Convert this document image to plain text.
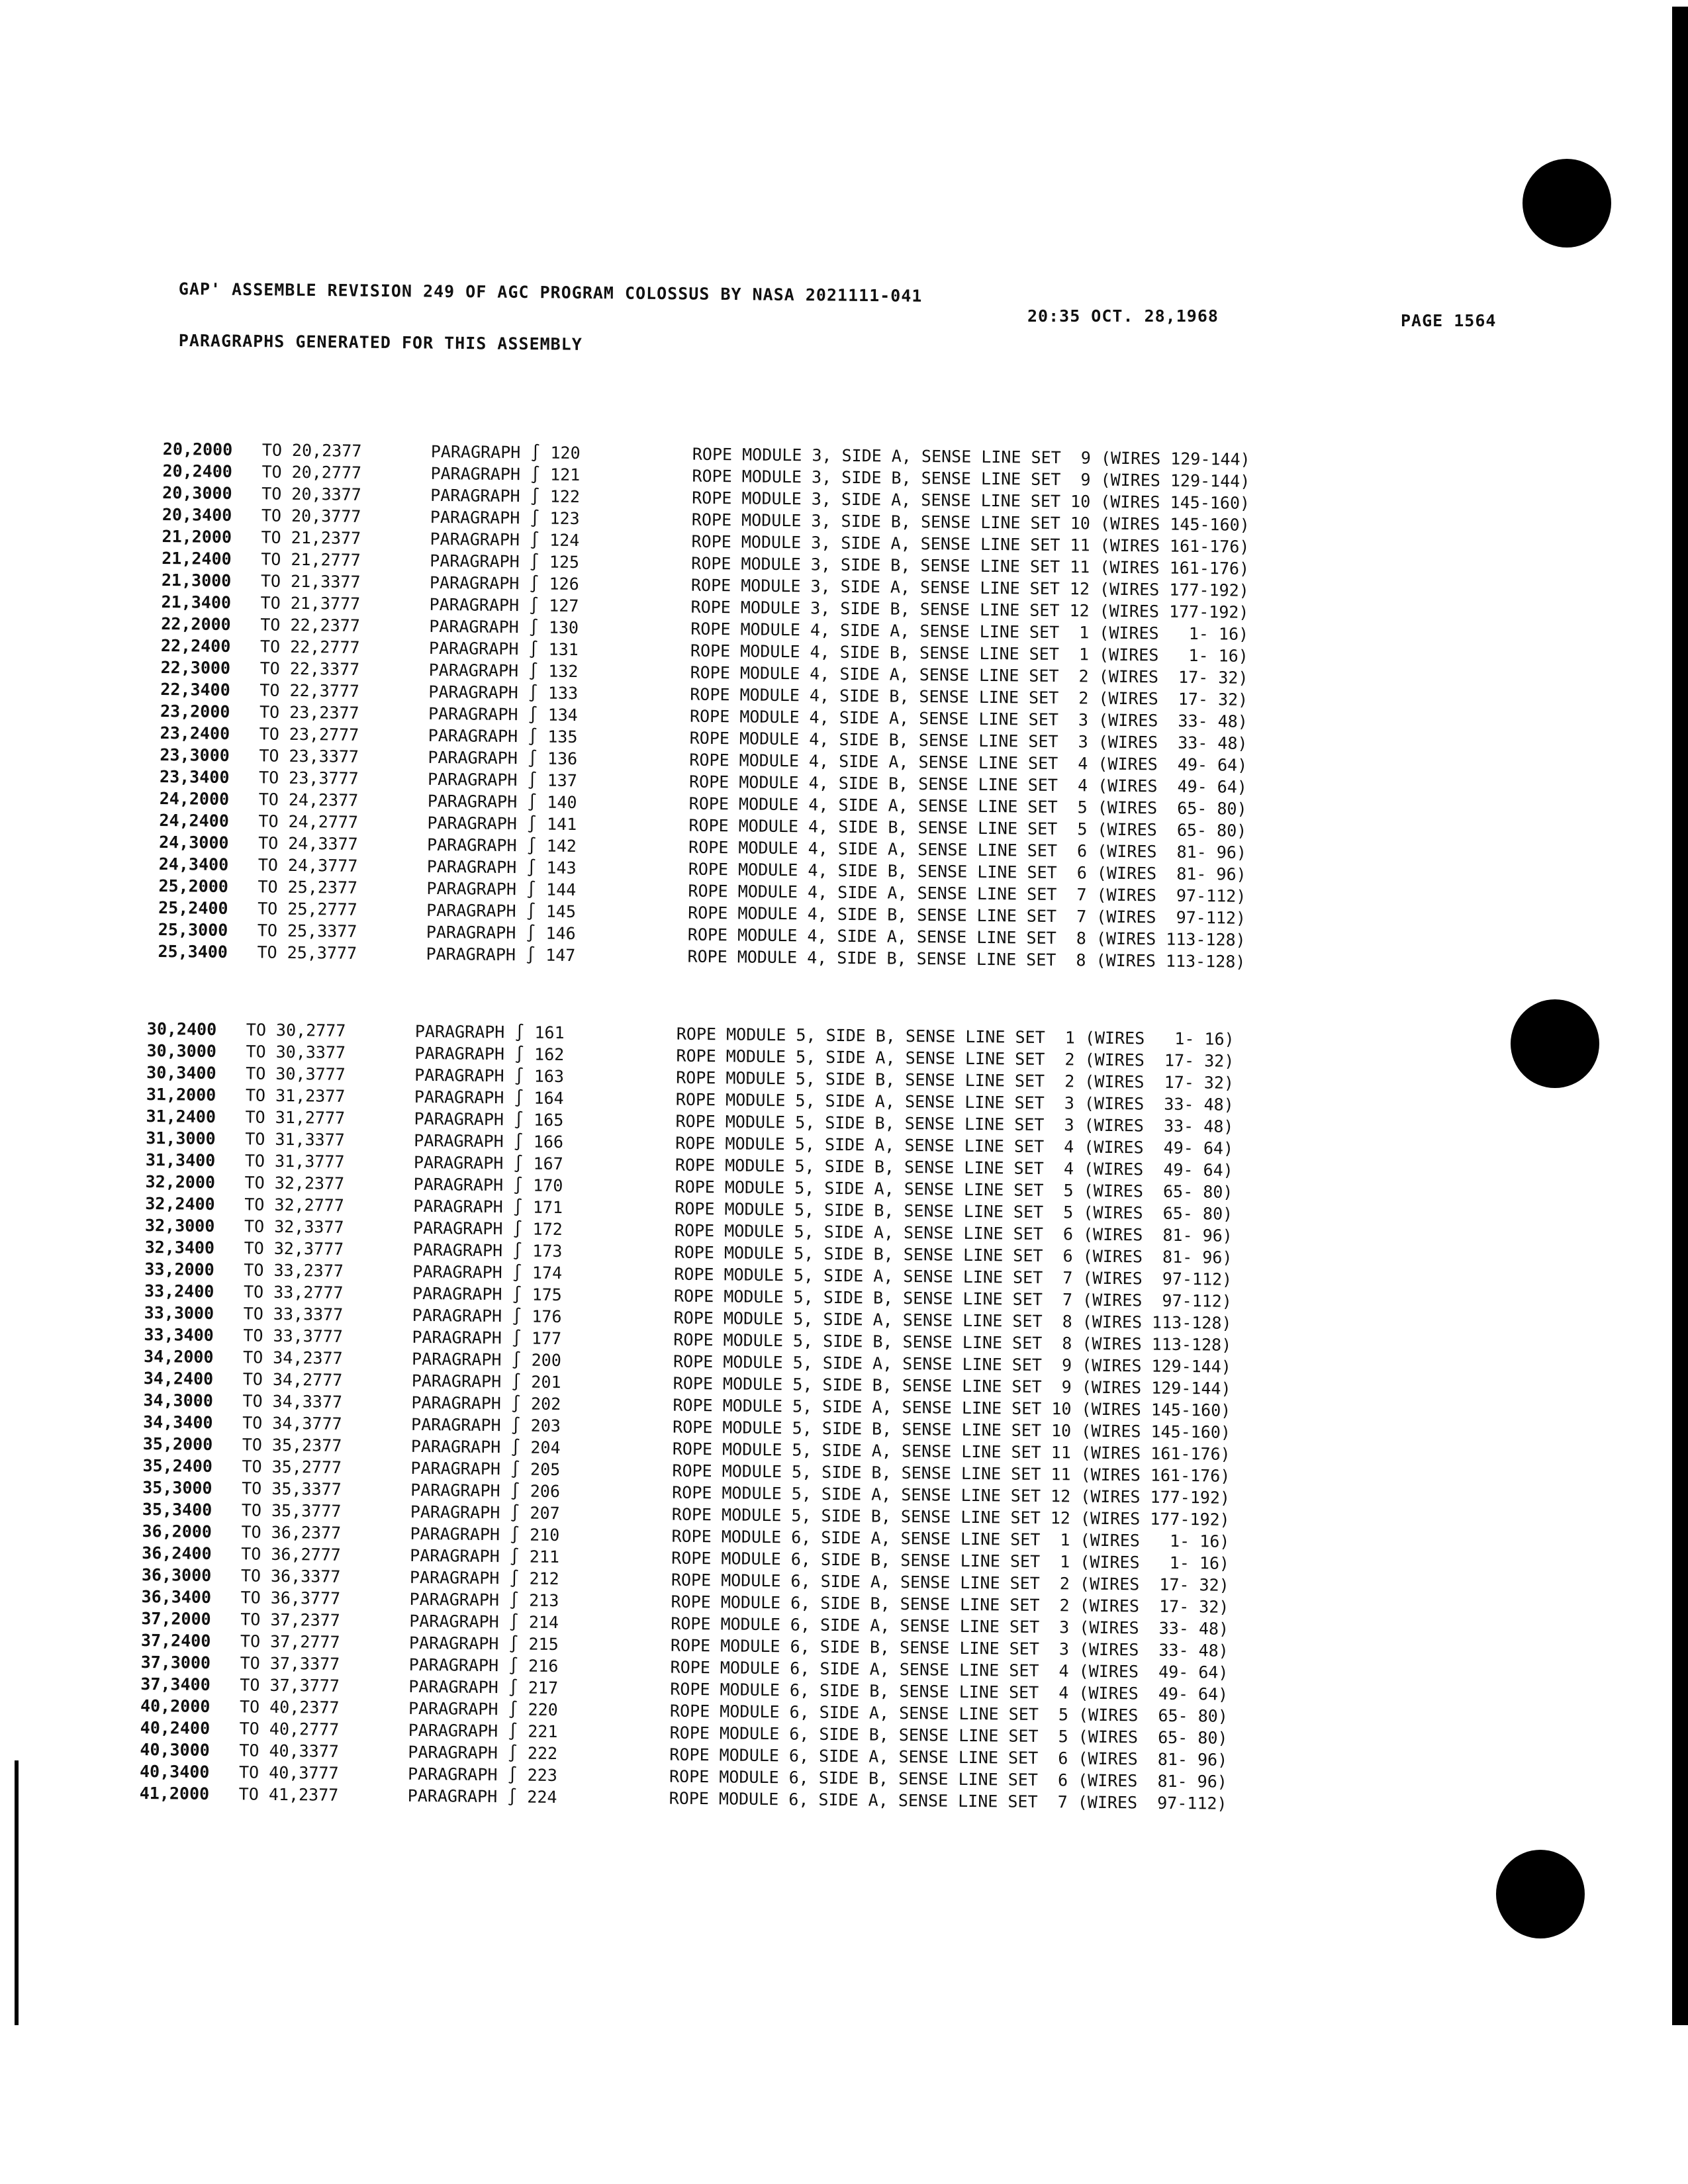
GAP' ASSEMBLE REVISION 249 OF AGC PROGRAM COLOSSUS BY NASA 2021111-041
20:35 OCT. 28,1968	PAGE 1564
PARAGRAPHS GENERATED FOR THIS ASSEMBLY
20,2000 TO 20,2377	PARAGRAPH ∫ 120	ROPE MODULE 3, SIDE A, SENSE LINE SET  9 (WIRES 129-144)
20,2400 TO 20,2777	PARAGRAPH ∫ 121	ROPE MODULE 3, SIDE B, SENSE LINE SET  9 (WIRES 129-144)
20,3000 TO 20,3377	PARAGRAPH ∫ 122	ROPE MODULE 3, SIDE A, SENSE LINE SET 10 (WIRES 145-160)
20,3400 TO 20,3777	PARAGRAPH ∫ 123	ROPE MODULE 3, SIDE B, SENSE LINE SET 10 (WIRES 145-160)
21,2000 TO 21,2377	PARAGRAPH ∫ 124	ROPE MODULE 3, SIDE A, SENSE LINE SET 11 (WIRES 161-176)
21,2400 TO 21,2777	PARAGRAPH ∫ 125	ROPE MODULE 3, SIDE B, SENSE LINE SET 11 (WIRES 161-176)
21,3000 TO 21,3377	PARAGRAPH ∫ 126	ROPE MODULE 3, SIDE A, SENSE LINE SET 12 (WIRES 177-192)
21,3400 TO 21,3777	PARAGRAPH ∫ 127	ROPE MODULE 3, SIDE B, SENSE LINE SET 12 (WIRES 177-192)
22,2000 TO 22,2377	PARAGRAPH ∫ 130	ROPE MODULE 4, SIDE A, SENSE LINE SET  1 (WIRES   1- 16)
22,2400 TO 22,2777	PARAGRAPH ∫ 131	ROPE MODULE 4, SIDE B, SENSE LINE SET  1 (WIRES   1- 16)
22,3000 TO 22,3377	PARAGRAPH ∫ 132	ROPE MODULE 4, SIDE A, SENSE LINE SET  2 (WIRES  17- 32)
22,3400 TO 22,3777	PARAGRAPH ∫ 133	ROPE MODULE 4, SIDE B, SENSE LINE SET  2 (WIRES  17- 32)
23,2000 TO 23,2377	PARAGRAPH ∫ 134	ROPE MODULE 4, SIDE A, SENSE LINE SET  3 (WIRES  33- 48)
23,2400 TO 23,2777	PARAGRAPH ∫ 135	ROPE MODULE 4, SIDE B, SENSE LINE SET  3 (WIRES  33- 48)
23,3000 TO 23,3377	PARAGRAPH ∫ 136	ROPE MODULE 4, SIDE A, SENSE LINE SET  4 (WIRES  49- 64)
23,3400 TO 23,3777	PARAGRAPH ∫ 137	ROPE MODULE 4, SIDE B, SENSE LINE SET  4 (WIRES  49- 64)
24,2000 TO 24,2377	PARAGRAPH ∫ 140	ROPE MODULE 4, SIDE A, SENSE LINE SET  5 (WIRES  65- 80)
24,2400 TO 24,2777	PARAGRAPH ∫ 141	ROPE MODULE 4, SIDE B, SENSE LINE SET  5 (WIRES  65- 80)
24,3000 TO 24,3377	PARAGRAPH ∫ 142	ROPE MODULE 4, SIDE A, SENSE LINE SET  6 (WIRES  81- 96)
24,3400 TO 24,3777	PARAGRAPH ∫ 143	ROPE MODULE 4, SIDE B, SENSE LINE SET  6 (WIRES  81- 96)
25,2000 TO 25,2377	PARAGRAPH ∫ 144	ROPE MODULE 4, SIDE A, SENSE LINE SET  7 (WIRES  97-112)
25,2400 TO 25,2777	PARAGRAPH ∫ 145	ROPE MODULE 4, SIDE B, SENSE LINE SET  7 (WIRES  97-112)
25,3000 TO 25,3377	PARAGRAPH ∫ 146	ROPE MODULE 4, SIDE A, SENSE LINE SET  8 (WIRES 113-128)
25,3400 TO 25,3777	PARAGRAPH ∫ 147	ROPE MODULE 4, SIDE B, SENSE LINE SET  8 (WIRES 113-128)
30,2400 TO 30,2777	PARAGRAPH ∫ 161	ROPE MODULE 5, SIDE B, SENSE LINE SET  1 (WIRES   1- 16)
30,3000 TO 30,3377	PARAGRAPH ∫ 162	ROPE MODULE 5, SIDE A, SENSE LINE SET  2 (WIRES  17- 32)
30,3400 TO 30,3777	PARAGRAPH ∫ 163	ROPE MODULE 5, SIDE B, SENSE LINE SET  2 (WIRES  17- 32)
31,2000 TO 31,2377	PARAGRAPH ∫ 164	ROPE MODULE 5, SIDE A, SENSE LINE SET  3 (WIRES  33- 48)
31,2400 TO 31,2777	PARAGRAPH ∫ 165	ROPE MODULE 5, SIDE B, SENSE LINE SET  3 (WIRES  33- 48)
31,3000 TO 31,3377	PARAGRAPH ∫ 166	ROPE MODULE 5, SIDE A, SENSE LINE SET  4 (WIRES  49- 64)
31,3400 TO 31,3777	PARAGRAPH ∫ 167	ROPE MODULE 5, SIDE B, SENSE LINE SET  4 (WIRES  49- 64)
32,2000 TO 32,2377	PARAGRAPH ∫ 170	ROPE MODULE 5, SIDE A, SENSE LINE SET  5 (WIRES  65- 80)
32,2400 TO 32,2777	PARAGRAPH ∫ 171	ROPE MODULE 5, SIDE B, SENSE LINE SET  5 (WIRES  65- 80)
32,3000 TO 32,3377	PARAGRAPH ∫ 172	ROPE MODULE 5, SIDE A, SENSE LINE SET  6 (WIRES  81- 96)
32,3400 TO 32,3777	PARAGRAPH ∫ 173	ROPE MODULE 5, SIDE B, SENSE LINE SET  6 (WIRES  81- 96)
33,2000 TO 33,2377	PARAGRAPH ∫ 174	ROPE MODULE 5, SIDE A, SENSE LINE SET  7 (WIRES  97-112)
33,2400 TO 33,2777	PARAGRAPH ∫ 175	ROPE MODULE 5, SIDE B, SENSE LINE SET  7 (WIRES  97-112)
33,3000 TO 33,3377	PARAGRAPH ∫ 176	ROPE MODULE 5, SIDE A, SENSE LINE SET  8 (WIRES 113-128)
33,3400 TO 33,3777	PARAGRAPH ∫ 177	ROPE MODULE 5, SIDE B, SENSE LINE SET  8 (WIRES 113-128)
34,2000 TO 34,2377	PARAGRAPH ∫ 200	ROPE MODULE 5, SIDE A, SENSE LINE SET  9 (WIRES 129-144)
34,2400 TO 34,2777	PARAGRAPH ∫ 201	ROPE MODULE 5, SIDE B, SENSE LINE SET  9 (WIRES 129-144)
34,3000 TO 34,3377	PARAGRAPH ∫ 202	ROPE MODULE 5, SIDE A, SENSE LINE SET 10 (WIRES 145-160)
34,3400 TO 34,3777	PARAGRAPH ∫ 203	ROPE MODULE 5, SIDE B, SENSE LINE SET 10 (WIRES 145-160)
35,2000 TO 35,2377	PARAGRAPH ∫ 204	ROPE MODULE 5, SIDE A, SENSE LINE SET 11 (WIRES 161-176)
35,2400 TO 35,2777	PARAGRAPH ∫ 205	ROPE MODULE 5, SIDE B, SENSE LINE SET 11 (WIRES 161-176)
35,3000 TO 35,3377	PARAGRAPH ∫ 206	ROPE MODULE 5, SIDE A, SENSE LINE SET 12 (WIRES 177-192)
35,3400 TO 35,3777	PARAGRAPH ∫ 207	ROPE MODULE 5, SIDE B, SENSE LINE SET 12 (WIRES 177-192)
36,2000 TO 36,2377	PARAGRAPH ∫ 210	ROPE MODULE 6, SIDE A, SENSE LINE SET  1 (WIRES   1- 16)
36,2400 TO 36,2777	PARAGRAPH ∫ 211	ROPE MODULE 6, SIDE B, SENSE LINE SET  1 (WIRES   1- 16)
36,3000 TO 36,3377	PARAGRAPH ∫ 212	ROPE MODULE 6, SIDE A, SENSE LINE SET  2 (WIRES  17- 32)
36,3400 TO 36,3777	PARAGRAPH ∫ 213	ROPE MODULE 6, SIDE B, SENSE LINE SET  2 (WIRES  17- 32)
37,2000 TO 37,2377	PARAGRAPH ∫ 214	ROPE MODULE 6, SIDE A, SENSE LINE SET  3 (WIRES  33- 48)
37,2400 TO 37,2777	PARAGRAPH ∫ 215	ROPE MODULE 6, SIDE B, SENSE LINE SET  3 (WIRES  33- 48)
37,3000 TO 37,3377	PARAGRAPH ∫ 216	ROPE MODULE 6, SIDE A, SENSE LINE SET  4 (WIRES  49- 64)
37,3400 TO 37,3777	PARAGRAPH ∫ 217	ROPE MODULE 6, SIDE B, SENSE LINE SET  4 (WIRES  49- 64)
40,2000 TO 40,2377	PARAGRAPH ∫ 220	ROPE MODULE 6, SIDE A, SENSE LINE SET  5 (WIRES  65- 80)
40,2400 TO 40,2777	PARAGRAPH ∫ 221	ROPE MODULE 6, SIDE B, SENSE LINE SET  5 (WIRES  65- 80)
40,3000 TO 40,3377	PARAGRAPH ∫ 222	ROPE MODULE 6, SIDE A, SENSE LINE SET  6 (WIRES  81- 96)
40,3400 TO 40,3777	PARAGRAPH ∫ 223	ROPE MODULE 6, SIDE B, SENSE LINE SET  6 (WIRES  81- 96)
41,2000 TO 41,2377	PARAGRAPH ∫ 224	ROPE MODULE 6, SIDE A, SENSE LINE SET  7 (WIRES  97-112)
